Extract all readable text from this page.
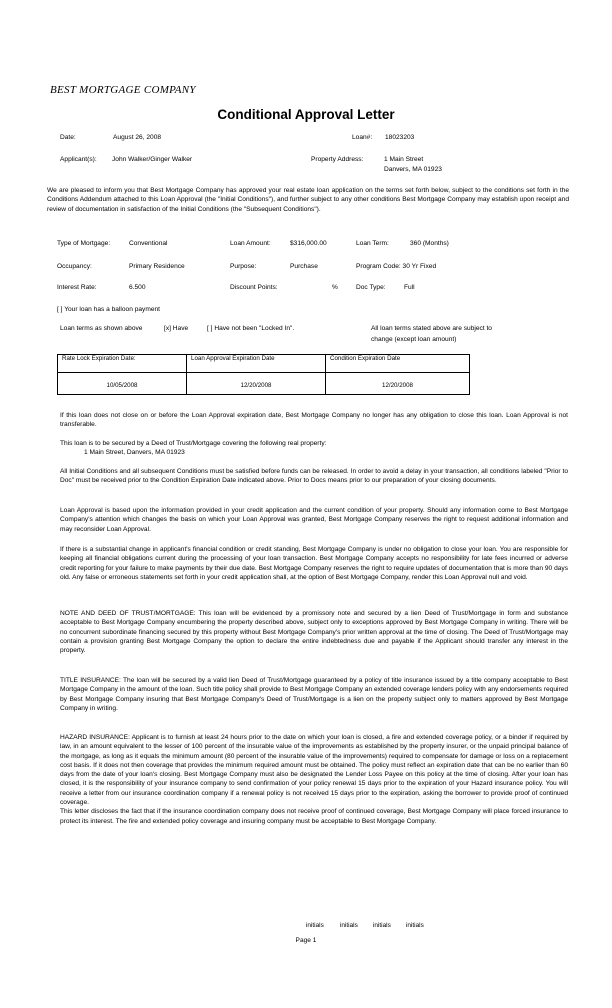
BEST MORTGAGE COMPANY
Conditional Approval Letter
Date:	August 26, 2008	Loan#: 18023203
Applicant(s): John Walker/Ginger Walker	Property Address:	1 Main Street
Danvers, MA 01923

We are pleased to inform you that Best Mortgage Company has approved your real estate loan application on the terms set forth below, subject to the conditions set forth in the Conditions Addendum attached to this Loan Approval (the "Initial Conditions"), and further subject to any other conditions Best Mortgage Company may establish upon receipt and review of documentation in satisfaction of the Initial Conditions (the "Subsequent Conditions").

Type of Mortgage:	Conventional	Loan Amount:	$316,000.00	Loan Term:	360 (Months)
Occupancy:	Primary Residence	Purpose:	Purchase	Program Code: 30 Yr Fixed
Interest Rate:	6.500	Discount Points:	%	Doc Type:	Full
[ ] Your loan has a balloon payment
Loan terms as shown above	[x] Have	[ ] Have not been "Locked In".	All loan terms stated above are subject to
change (except loan amount)
Rate Lock Expiration Date:	Loan Approval Expiration Date	Condition Expiration Date
10/05/2008	12/20/2008	12/20/2008

If this loan does not close on or before the Loan Approval expiration date, Best Mortgage Company no longer has any obligation to close this loan. Loan Approval is not transferable.

This loan is to be secured by a Deed of Trust/Mortgage covering the following real property:

1 Main Street, Danvers, MA 01923

All Initial Conditions and all subsequent Conditions must be satisfied before funds can be released. In order to avoid a delay in your transaction, all conditions labeled "Prior to Doc" must be received prior to the Condition Expiration Date indicated above. Prior to Docs means prior to our preparation of your closing documents.

Loan Approval is based upon the information provided in your credit application and the current condition of your property. Should any information come to Best Mortgage Company's attention which changes the basis on which your Loan Approval was granted, Best Mortgage Company reserves the right to request additional information and may reconsider Loan Approval.

If there is a substantial change in applicant's financial condition or credit standing, Best Mortgage Company is under no obligation to close your loan. You are responsible for keeping all financial obligations current during the processing of your loan transaction. Best Mortgage Company accepts no responsibility for late fees incurred or adverse credit reporting for your failure to make payments by their due date. Best Mortgage Company reserves the right to require updates of documentation that is more than 90 days old. Any false or erroneous statements set forth in your credit application shall, at the option of Best Mortgage Company, render this Loan Approval null and void.

NOTE AND DEED OF TRUST/MORTGAGE: This loan will be evidenced by a promissory note and secured by a lien Deed of Trust/Mortgage in form and substance acceptable to Best Mortgage Company encumbering the property described above, subject only to exceptions approved by Best Mortgage Company in writing. There will be no concurrent subordinate financing secured by this property without Best Mortgage Company's prior written approval at the time of closing. The Deed of Trust/Mortgage may contain a provision granting Best Mortgage Company the option to declare the entire indebtedness due and payable if the Applicant should transfer any interest in the property.

TITLE INSURANCE: The loan will be secured by a valid lien Deed of Trust/Mortgage guaranteed by a policy of title insurance issued by a title company acceptable to Best Mortgage Company in the amount of the loan. Such title policy shall provide to Best Mortgage Company an extended coverage lenders policy with any endorsements required by Best Mortgage Company insuring that Best Mortgage Company's Deed of Trust/Mortgage is a lien on the property subject only to matters approved by Best Mortgage Company in writing.

HAZARD INSURANCE: Applicant is to furnish at least 24 hours prior to the date on which your loan is closed, a fire and extended coverage policy, or a binder if required by law, in an amount equivalent to the lesser of 100 percent of the insurable value of the improvements as established by the property insurer, or the unpaid principal balance of the mortgage, as long as it equals the minimum amount (80 percent of the insurable value of the improvements) required to compensate for damage or loss on a replacement cost basis. If it does not then coverage that provides the minimum required amount must be obtained. The policy must reflect an expiration date that can be no earlier than 60 days from the date of your loan's closing. Best Mortgage Company must also be designated the Lender Loss Payee on this policy at the time of closing. After your loan has closed, it is the responsibility of your insurance company to send confirmation of your policy renewal 15 days prior to the expiration of your Hazard insurance policy. You will receive a letter from our insurance coordination company if a renewal policy is not received 15 days prior to the expiration, asking the borrower to provide proof of continued coverage.

This letter discloses the fact that if the insurance coordination company does not receive proof of continued coverage, Best Mortgage Company will place forced insurance to protect its interest. The fire and extended policy coverage and insuring company must be acceptable to Best Mortgage Company.

initials	initials initials initials
Page 1
